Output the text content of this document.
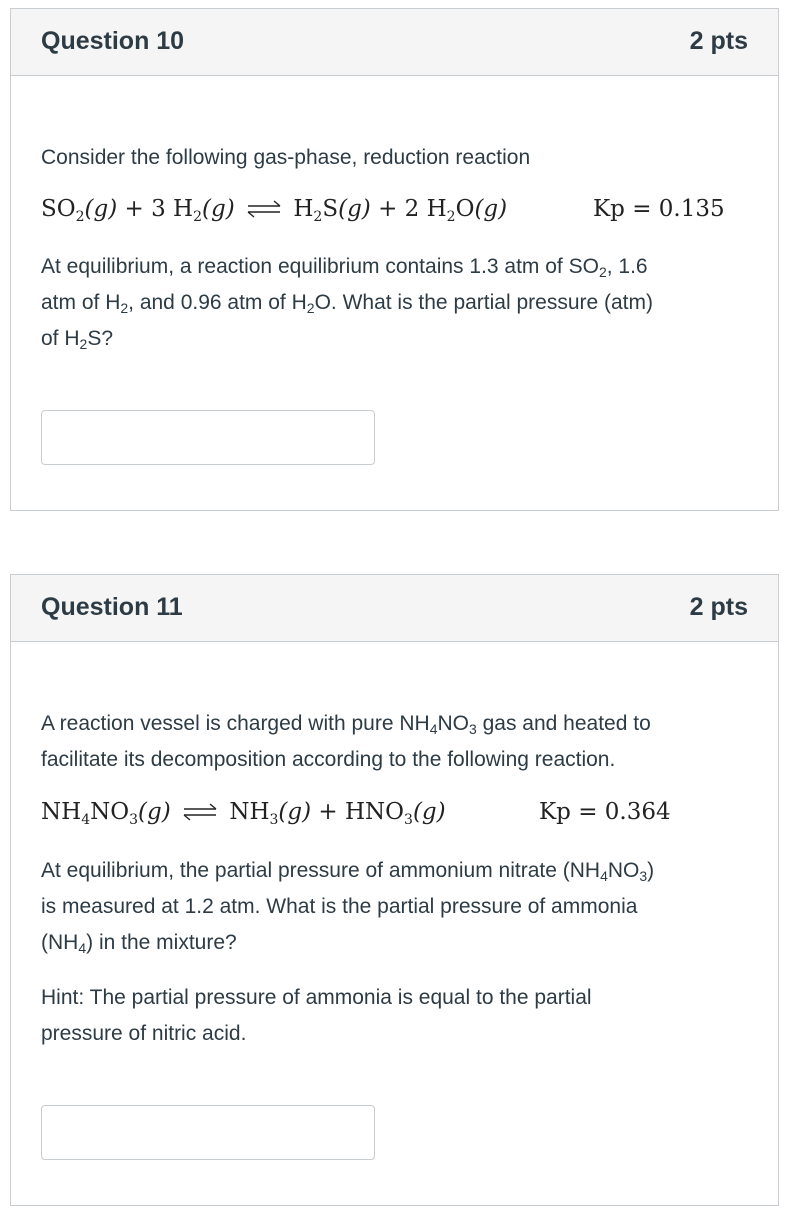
Question 10	2 pts
Consider the following gas-phase, reduction reaction
$SO_2(g) + 3$ $H_2(g)$ ⇌ $H_2S(g) + 2$ $H_2O(g)$	Kp = 0.135
At equilibrium, a reaction equilibrium contains 1.3 atm of $SO_2$, 1.6
atm of $H_2$, and 0.96 atm of $H_2O$. What is the partial pressure (atm)
of $H_2S$?
Question 11	2 pts
A reaction vessel is charged with pure $NH_4NO_3$ gas and heated to
facilitate its decomposition according to the following reaction.
$NH_4NO_3(g)$ ⇌ $NH_3(g) + HNO_3(g)$	Kp = 0.364
At equilibrium, the partial pressure of ammonium nitrate $(NH_4NO_3)$
is measured at 1.2 atm. What is the partial pressure of ammonia
$(NH_4)$ in the mixture?
Hint: The partial pressure of ammonia is equal to the partial
pressure of nitric acid.
